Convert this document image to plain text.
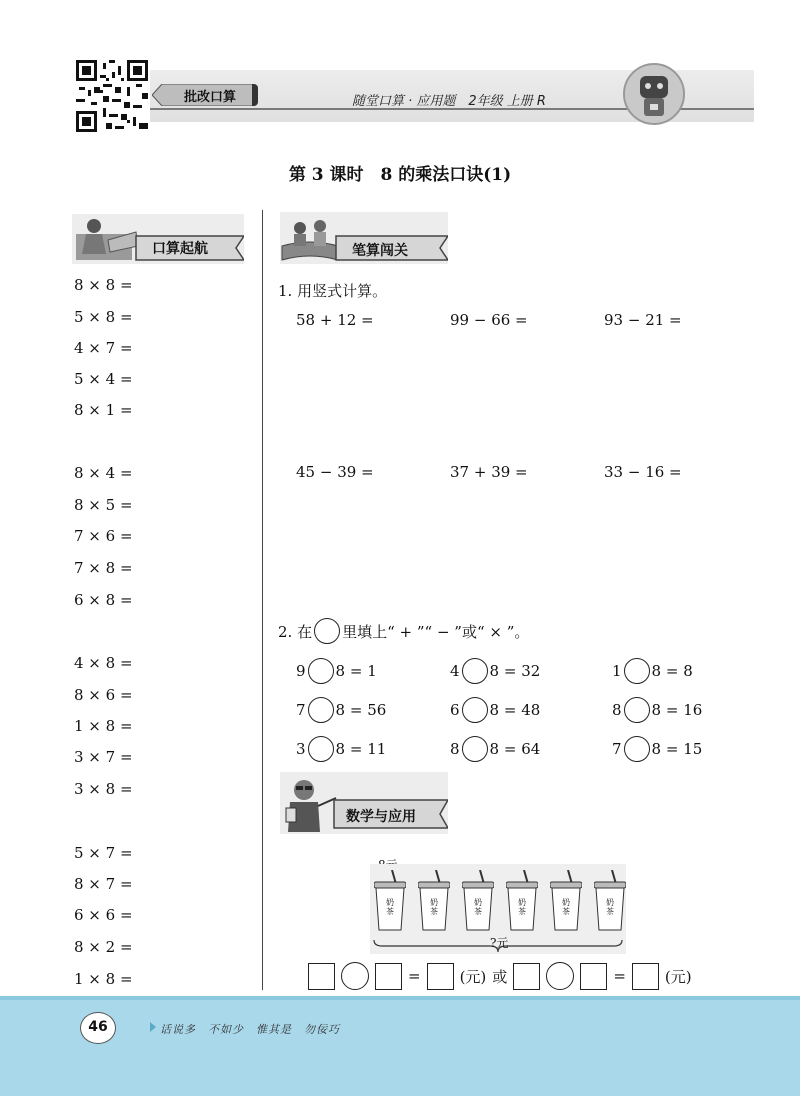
批改口算	随堂口算 · 应用题　2年级 上册 R
第 3 课时　8 的乘法口诀(1)
口算起航
8 × 8 =
5 × 8 =
4 × 7 =
5 × 4 =
8 × 1 =
8 × 4 =
8 × 5 =
7 × 6 =
7 × 8 =
6 × 8 =
4 × 8 =
8 × 6 =
1 × 8 =
3 × 7 =
3 × 8 =
5 × 7 =
8 × 7 =
6 × 6 =
8 × 2 =
1 × 8 =
笔算闯关
1. 用竖式计算。
58 + 12 =	99 − 66 =	93 − 21 =
45 − 39 =	37 + 39 =	33 − 16 =
2. 在 里填上“ + ”“ − ”或“ × ”。
9 8 = 1	4 8 = 32	1 8 = 8
7 8 = 56	6 8 = 48	8 8 = 16
3 8 = 11	8 8 = 64	7 8 = 15
数学与应用
奶茶
奶茶
奶茶
奶茶
奶茶
奶茶
?元
=	(元) 或	=	(元)
46	话说多　不如少　惟其是　勿佞巧
